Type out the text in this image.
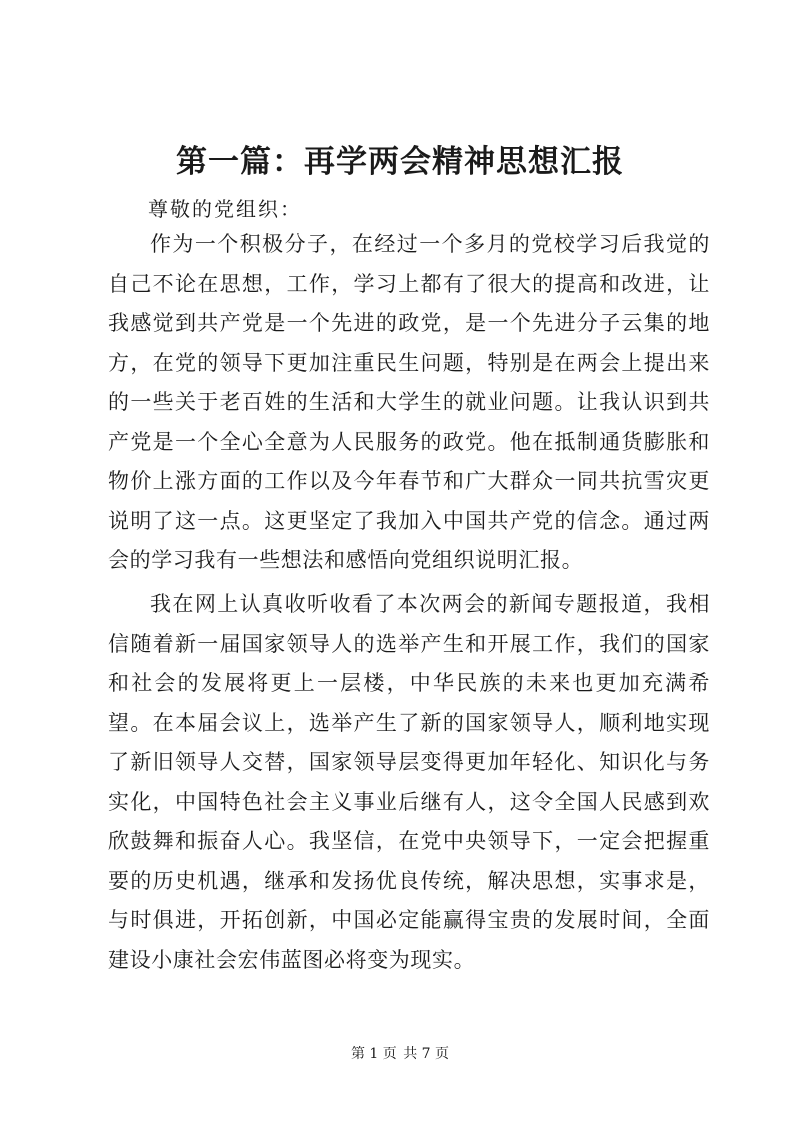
第一篇：再学两会精神思想汇报
尊敬的党组织：

作为一个积极分子，在经过一个多月的党校学习后我觉的自己不论在思想，工作，学习上都有了很大的提高和改进，让我感觉到共产党是一个先进的政党，是一个先进分子云集的地方，在党的领导下更加注重民生问题，特别是在两会上提出来的一些关于老百姓的生活和大学生的就业问题。让我认识到共产党是一个全心全意为人民服务的政党。他在抵制通货膨胀和物价上涨方面的工作以及今年春节和广大群众一同共抗雪灾更说明了这一点。这更坚定了我加入中国共产党的信念。通过两会的学习我有一些想法和感悟向党组织说明汇报。

我在网上认真收听收看了本次两会的新闻专题报道，我相信随着新一届国家领导人的选举产生和开展工作，我们的国家和社会的发展将更上一层楼，中华民族的未来也更加充满希望。在本届会议上，选举产生了新的国家领导人，顺利地实现了新旧领导人交替，国家领导层变得更加年轻化、知识化与务实化，中国特色社会主义事业后继有人，这令全国人民感到欢欣鼓舞和振奋人心。我坚信，在党中央领导下，一定会把握重要的历史机遇，继承和发扬优良传统，解决思想，实事求是，与时俱进，开拓创新，中国必定能赢得宝贵的发展时间，全面建设小康社会宏伟蓝图必将变为现实。

第 1 页 共 7 页
